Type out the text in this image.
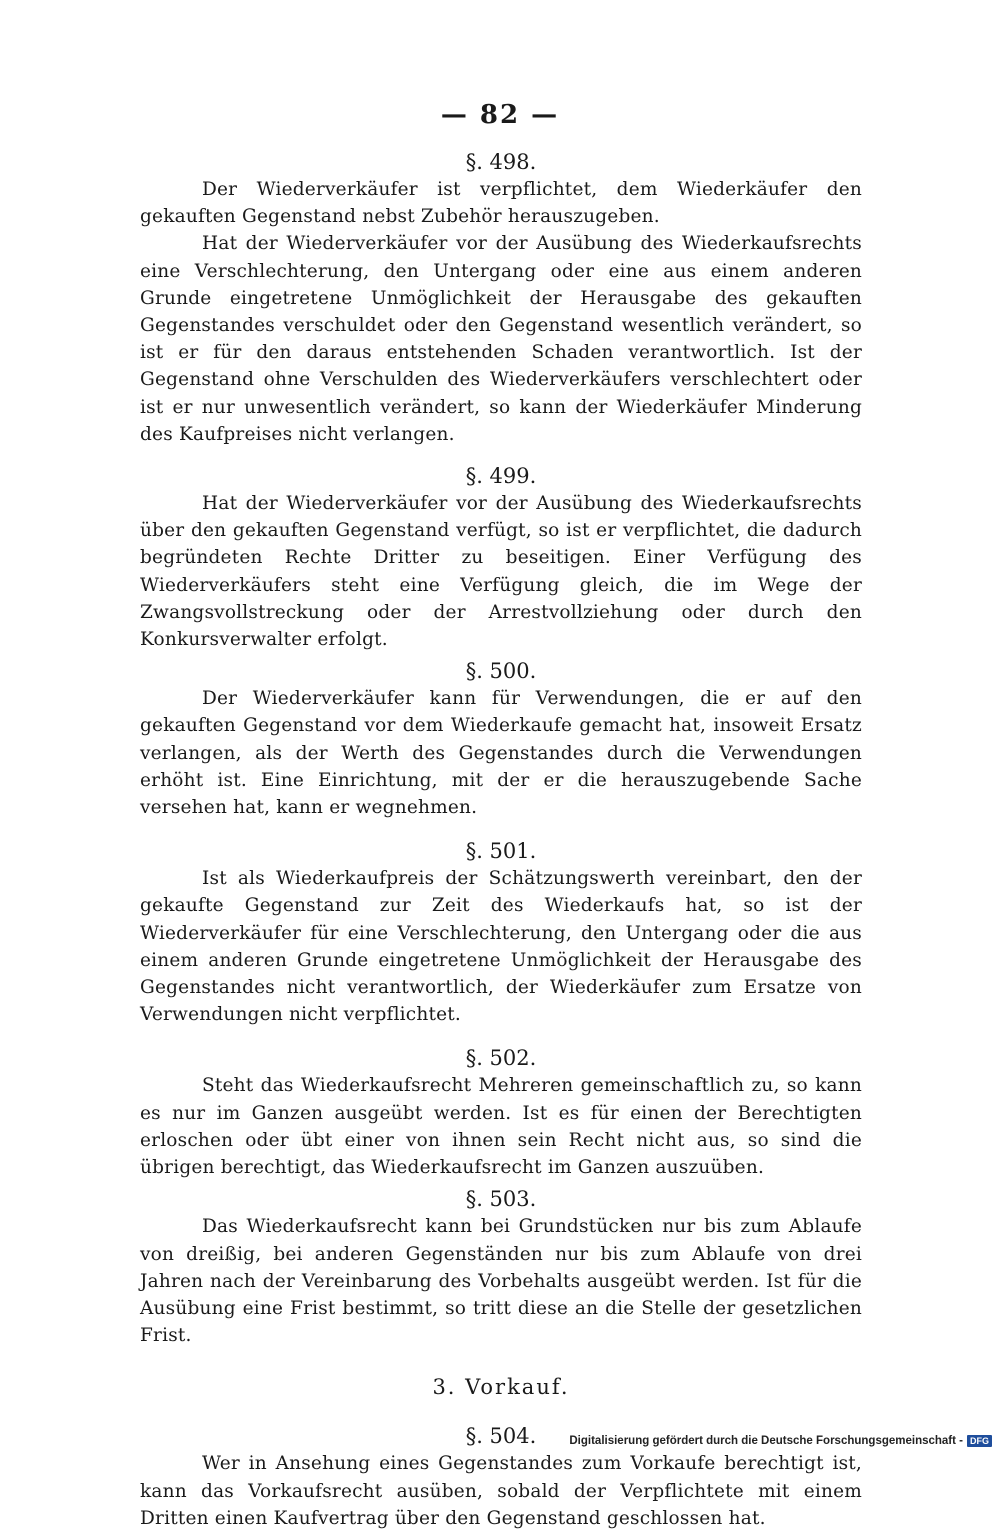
— 82 —

§. 498.

Der Wiederverkäufer ist verpflichtet, dem Wiederkäufer den gekauften Gegenstand nebst Zubehör herauszugeben.

Hat der Wiederverkäufer vor der Ausübung des Wiederkaufsrechts eine Verschlechterung, den Untergang oder eine aus einem anderen Grunde eingetretene Unmöglichkeit der Herausgabe des gekauften Gegenstandes verschuldet oder den Gegenstand wesentlich verändert, so ist er für den daraus entstehenden Schaden verantwortlich. Ist der Gegenstand ohne Verschulden des Wiederverkäufers verschlechtert oder ist er nur unwesentlich verändert, so kann der Wiederkäufer Minderung des Kaufpreises nicht verlangen.

§. 499.

Hat der Wiederverkäufer vor der Ausübung des Wiederkaufsrechts über den gekauften Gegenstand verfügt, so ist er verpflichtet, die dadurch begründeten Rechte Dritter zu beseitigen. Einer Verfügung des Wiederverkäufers steht eine Verfügung gleich, die im Wege der Zwangsvollstreckung oder der Arrestvollziehung oder durch den Konkursverwalter erfolgt.

§. 500.

Der Wiederverkäufer kann für Verwendungen, die er auf den gekauften Gegenstand vor dem Wiederkaufe gemacht hat, insoweit Ersatz verlangen, als der Werth des Gegenstandes durch die Verwendungen erhöht ist. Eine Einrichtung, mit der er die herauszugebende Sache versehen hat, kann er wegnehmen.

§. 501.

Ist als Wiederkaufpreis der Schätzungswerth vereinbart, den der gekaufte Gegenstand zur Zeit des Wiederkaufs hat, so ist der Wiederverkäufer für eine Verschlechterung, den Untergang oder die aus einem anderen Grunde eingetretene Unmöglichkeit der Herausgabe des Gegenstandes nicht verantwortlich, der Wiederkäufer zum Ersatze von Verwendungen nicht verpflichtet.

§. 502.

Steht das Wiederkaufsrecht Mehreren gemeinschaftlich zu, so kann es nur im Ganzen ausgeübt werden. Ist es für einen der Berechtigten erloschen oder übt einer von ihnen sein Recht nicht aus, so sind die übrigen berechtigt, das Wiederkaufsrecht im Ganzen auszuüben.

§. 503.

Das Wiederkaufsrecht kann bei Grundstücken nur bis zum Ablaufe von dreißig, bei anderen Gegenständen nur bis zum Ablaufe von drei Jahren nach der Vereinbarung des Vorbehalts ausgeübt werden. Ist für die Ausübung eine Frist bestimmt, so tritt diese an die Stelle der gesetzlichen Frist.

3. Vorkauf.

§. 504.

Wer in Ansehung eines Gegenstandes zum Vorkaufe berechtigt ist, kann das Vorkaufsrecht ausüben, sobald der Verpflichtete mit einem Dritten einen Kaufvertrag über den Gegenstand geschlossen hat.

Digitalisierung gefördert durch die Deutsche Forschungsgemeinschaft - DFG
